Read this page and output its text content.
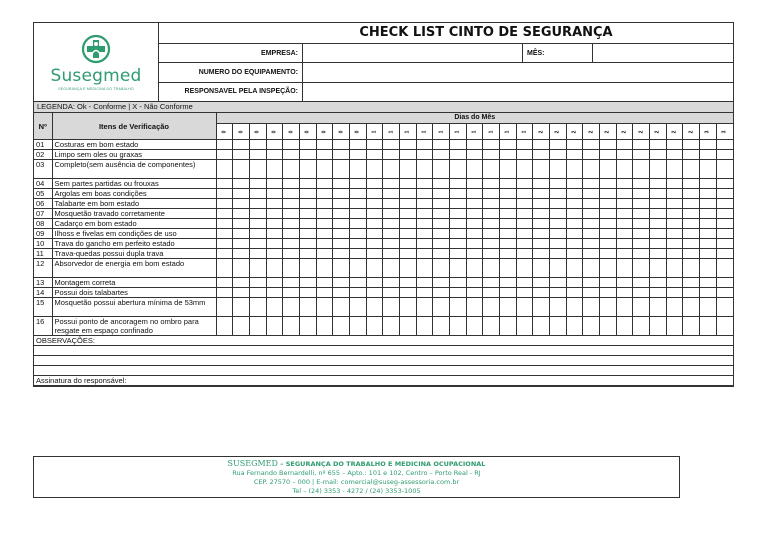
Susegmed
SEGURANÇA E MEDICINA DO TRABALHO
CHECK LIST CINTO DE SEGURANÇA
EMPRESA:	MÊS:
NUMERO DO EQUIPAMENTO:
RESPONSAVEL PELA INSPEÇÃO:
LEGENDA: Ok - Conforme | X - Não Conforme
Nº	Itens de Verificação	Dias do Mês																														
		0	0	0	0	0	0	0	0	0	1	1	1	1	1	1	1	1	1	1	2	2	2	2	2	2	2	2	2	2	3	3
01	Costuras em bom estado																															
02	Limpo sem oles ou graxas																															
03	Completo(sem ausência de componentes)																															
04	Sem partes partidas ou frouxas																															
05	Argolas em boas condições																															
06	Talabarte em bom estado																															
07	Mosquetão travado corretamente																															
08	Cadarço em bom estado																															
09	Ilhoss e fivelas em condições de uso																															
10	Trava do gancho em perfeito estado																															
11	Trava-quedas possui dupla trava																															
12	Absorvedor de energia em bom estado																															
13	Montagem correta																															
14	Possui dois talabartes																															
15	Mosquetão possui abertura mínima de 53mm																															
16	Possui ponto de ancoragem no ombro para resgate em espaço confinado																															
OBSERVAÇÕES:																																

Assinatura do responsável:																																
SUSEGMED – SEGURANÇA DO TRABALHO E MEDICINA OCUPACIONAL
Rua Fernando Bernardelli, nº 655 – Apto.: 101 e 102, Centro – Porto Real - RJ
CEP. 27570 – 000 | E-mail: comercial@suseg-assessoria.com.br
Tel – (24) 3353 - 4272 / (24) 3353-1005
